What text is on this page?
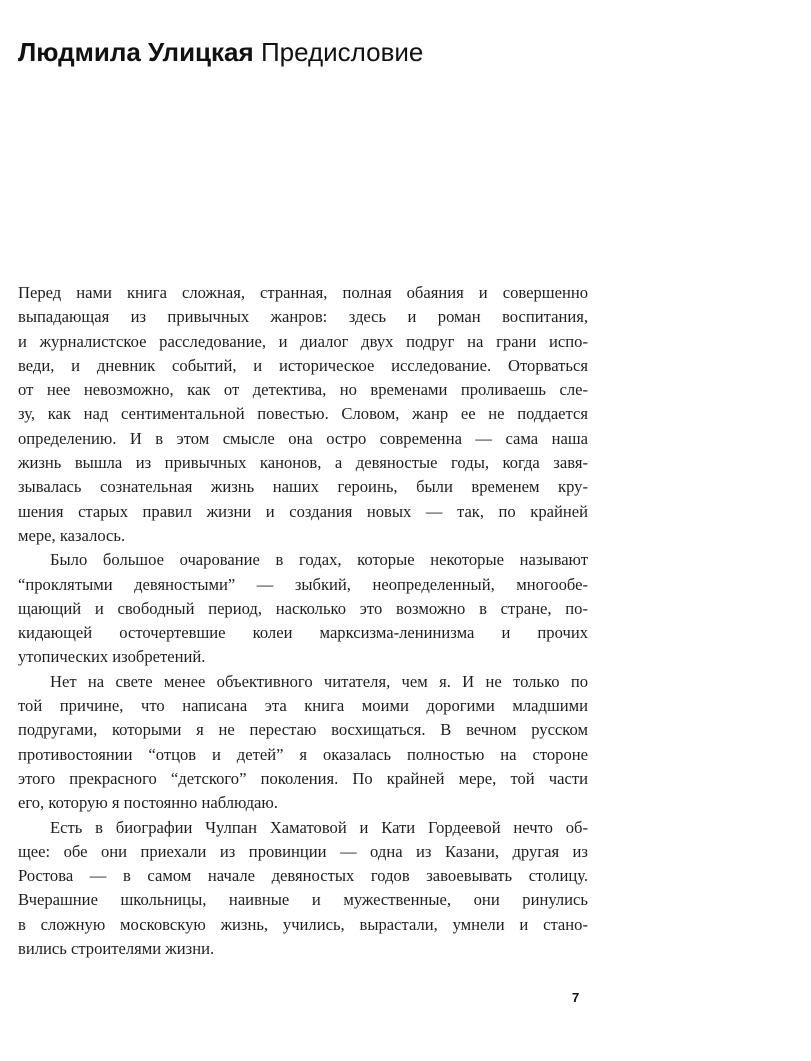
Людмила Улицкая Предисловие
Перед нами книга сложная, странная, полная обаяния и совершенно
выпадающая из привычных жанров: здесь и роман воспитания,
и журналистское расследование, и диалог двух подруг на грани испо-
веди, и дневник событий, и историческое исследование. Оторваться
от нее невозможно, как от детектива, но временами проливаешь сле-
зу, как над сентиментальной повестью. Словом, жанр ее не поддается
определению. И в этом смысле она остро современна — сама наша
жизнь вышла из привычных канонов, а девяностые годы, когда завя-
зывалась сознательная жизнь наших героинь, были временем кру-
шения старых правил жизни и создания новых — так, по крайней
мере, казалось.
Было большое очарование в годах, которые некоторые называют
“проклятыми девяностыми” — зыбкий, неопределенный, многообе-
щающий и свободный период, насколько это возможно в стране, по-
кидающей осточертевшие колеи марксизма-ленинизма и прочих
утопических изобретений.
Нет на свете менее объективного читателя, чем я. И не только по
той причине, что написана эта книга моими дорогими младшими
подругами, которыми я не перестаю восхищаться. В вечном русском
противостоянии “отцов и детей” я оказалась полностью на стороне
этого прекрасного “детского” поколения. По крайней мере, той части
его, которую я постоянно наблюдаю.
Есть в биографии Чулпан Хаматовой и Кати Гордеевой нечто об-
щее: обе они приехали из провинции — одна из Казани, другая из
Ростова — в самом начале девяностых годов завоевывать столицу.
Вчерашние школьницы, наивные и мужественные, они ринулись
в сложную московскую жизнь, учились, вырастали, умнели и стано-
вились строителями жизни.
7
